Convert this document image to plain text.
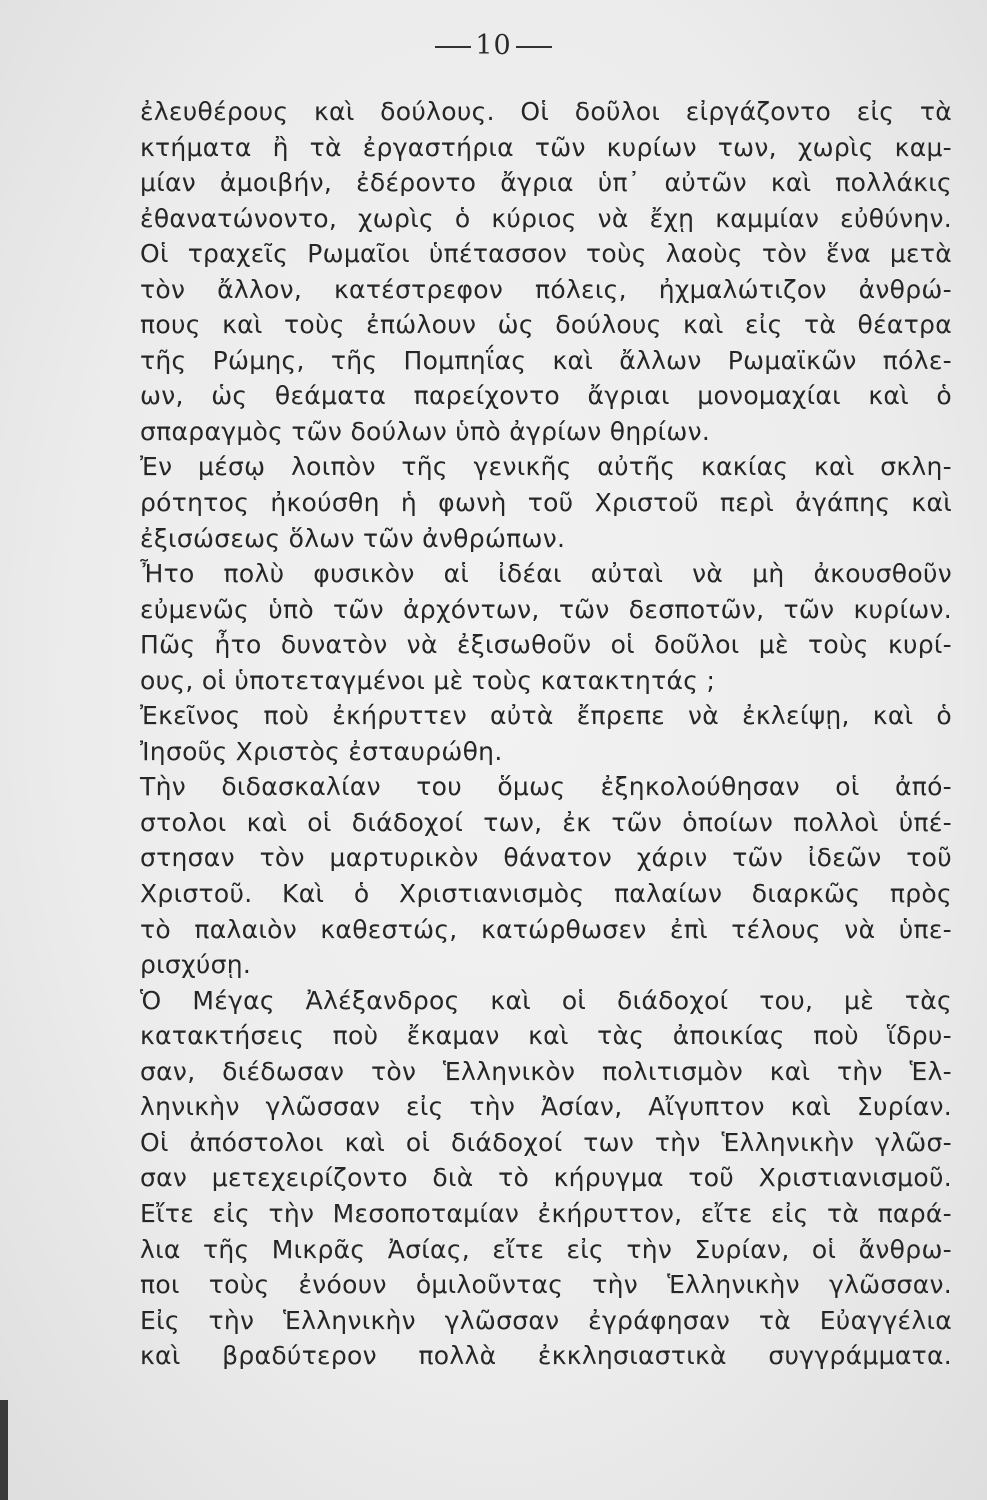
10
ἐλευθέρους καὶ δούλους. Οἱ δοῦλοι εἰργάζοντο εἰς τὰ
κτήματα ἢ τὰ ἐργαστήρια τῶν κυρίων των, χωρὶς καμ-
μίαν ἀμοιβήν, ἐδέροντο ἄγρια ὑπ᾿ αὐτῶν καὶ πολλάκις
ἐθανατώνοντο, χωρὶς ὁ κύριος νὰ ἔχῃ καμμίαν εὐθύνην.
Οἱ τραχεῖς Ρωμαῖοι ὑπέτασσον τοὺς λαοὺς τὸν ἕνα μετὰ
τὸν ἄλλον, κατέστρεφον πόλεις, ἠχμαλώτιζον ἀνθρώ-
πους καὶ τοὺς ἐπώλουν ὡς δούλους καὶ εἰς τὰ θέατρα
τῆς Ρώμης, τῆς Πομπηΐας καὶ ἄλλων Ρωμαϊκῶν πόλε-
ων, ὡς θεάματα παρείχοντο ἄγριαι μονομαχίαι καὶ ὁ
σπαραγμὸς τῶν δούλων ὑπὸ ἀγρίων θηρίων.
Ἐν μέσῳ λοιπὸν τῆς γενικῆς αὐτῆς κακίας καὶ σκλη-
ρότητος ἠκούσθη ἡ φωνὴ τοῦ Χριστοῦ περὶ ἀγάπης καὶ
ἐξισώσεως ὅλων τῶν ἀνθρώπων.
Ἦτο πολὺ φυσικὸν αἱ ἰδέαι αὐταὶ νὰ μὴ ἀκουσθοῦν
εὐμενῶς ὑπὸ τῶν ἀρχόντων, τῶν δεσποτῶν, τῶν κυρίων.
Πῶς ἦτο δυνατὸν νὰ ἐξισωθοῦν οἱ δοῦλοι μὲ τοὺς κυρί-
ους, οἱ ὑποτεταγμένοι μὲ τοὺς κατακτητάς ;
Ἐκεῖνος ποὺ ἐκήρυττεν αὐτὰ ἔπρεπε νὰ ἐκλείψῃ, καὶ ὁ
Ἰησοῦς Χριστὸς ἐσταυρώθη.
Τὴν διδασκαλίαν του ὅμως ἐξηκολούθησαν οἱ ἀπό-
στολοι καὶ οἱ διάδοχοί των, ἐκ τῶν ὁποίων πολλοὶ ὑπέ-
στησαν τὸν μαρτυρικὸν θάνατον χάριν τῶν ἰδεῶν τοῦ
Χριστοῦ. Καὶ ὁ Χριστιανισμὸς παλαίων διαρκῶς πρὸς
τὸ παλαιὸν καθεστώς, κατώρθωσεν ἐπὶ τέλους νὰ ὑπε-
ρισχύσῃ.
Ὁ Μέγας Ἀλέξανδρος καὶ οἱ διάδοχοί του, μὲ τὰς
κατακτήσεις ποὺ ἔκαμαν καὶ τὰς ἀποικίας ποὺ ἵδρυ-
σαν, διέδωσαν τὸν Ἑλληνικὸν πολιτισμὸν καὶ τὴν Ἑλ-
ληνικὴν γλῶσσαν εἰς τὴν Ἀσίαν, Αἴγυπτον καὶ Συρίαν.
Οἱ ἀπόστολοι καὶ οἱ διάδοχοί των τὴν Ἑλληνικὴν γλῶσ-
σαν μετεχειρίζοντο διὰ τὸ κήρυγμα τοῦ Χριστιανισμοῦ.
Εἴτε εἰς τὴν Μεσοποταμίαν ἐκήρυττον, εἴτε εἰς τὰ παρά-
λια τῆς Μικρᾶς Ἀσίας, εἴτε εἰς τὴν Συρίαν, οἱ ἄνθρω-
ποι τοὺς ἐνόουν ὁμιλοῦντας τὴν Ἑλληνικὴν γλῶσσαν.
Εἰς τὴν Ἑλληνικὴν γλῶσσαν ἐγράφησαν τὰ Εὐαγγέλια
καὶ βραδύτερον πολλὰ ἐκκλησιαστικὰ συγγράμματα.
